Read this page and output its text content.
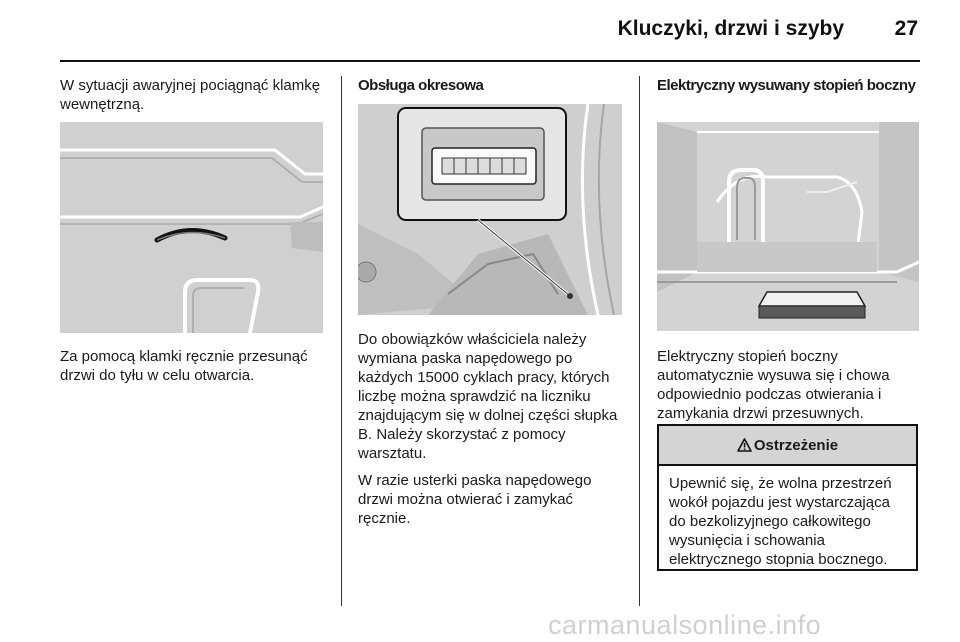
Kluczyki, drzwi i szyby 27

W sytuacji awaryjnej pociągnąć klamkę wewnętrzną.

Za pomocą klamki ręcznie przesunąć drzwi do tyłu w celu otwarcia.

Obsługa okresowa

Do obowiązków właściciela należy wymiana paska napędowego po każdych 15000 cyklach pracy, których liczbę można sprawdzić na liczniku znajdującym się w dolnej części słupka B. Należy skorzystać z pomocy warsztatu.

W razie usterki paska napędowego drzwi można otwierać i zamykać ręcznie.

Elektryczny wysuwany stopień boczny

Elektryczny stopień boczny automatycznie wysuwa się i chowa odpowiednio podczas otwierania i zamykania drzwi przesuwnych.

Ostrzeżenie
Upewnić się, że wolna przestrzeń wokół pojazdu jest wystarczająca do bezkolizyjnego całkowitego wysunięcia i schowania elektrycznego stopnia bocznego.
carmanualsonline.info
